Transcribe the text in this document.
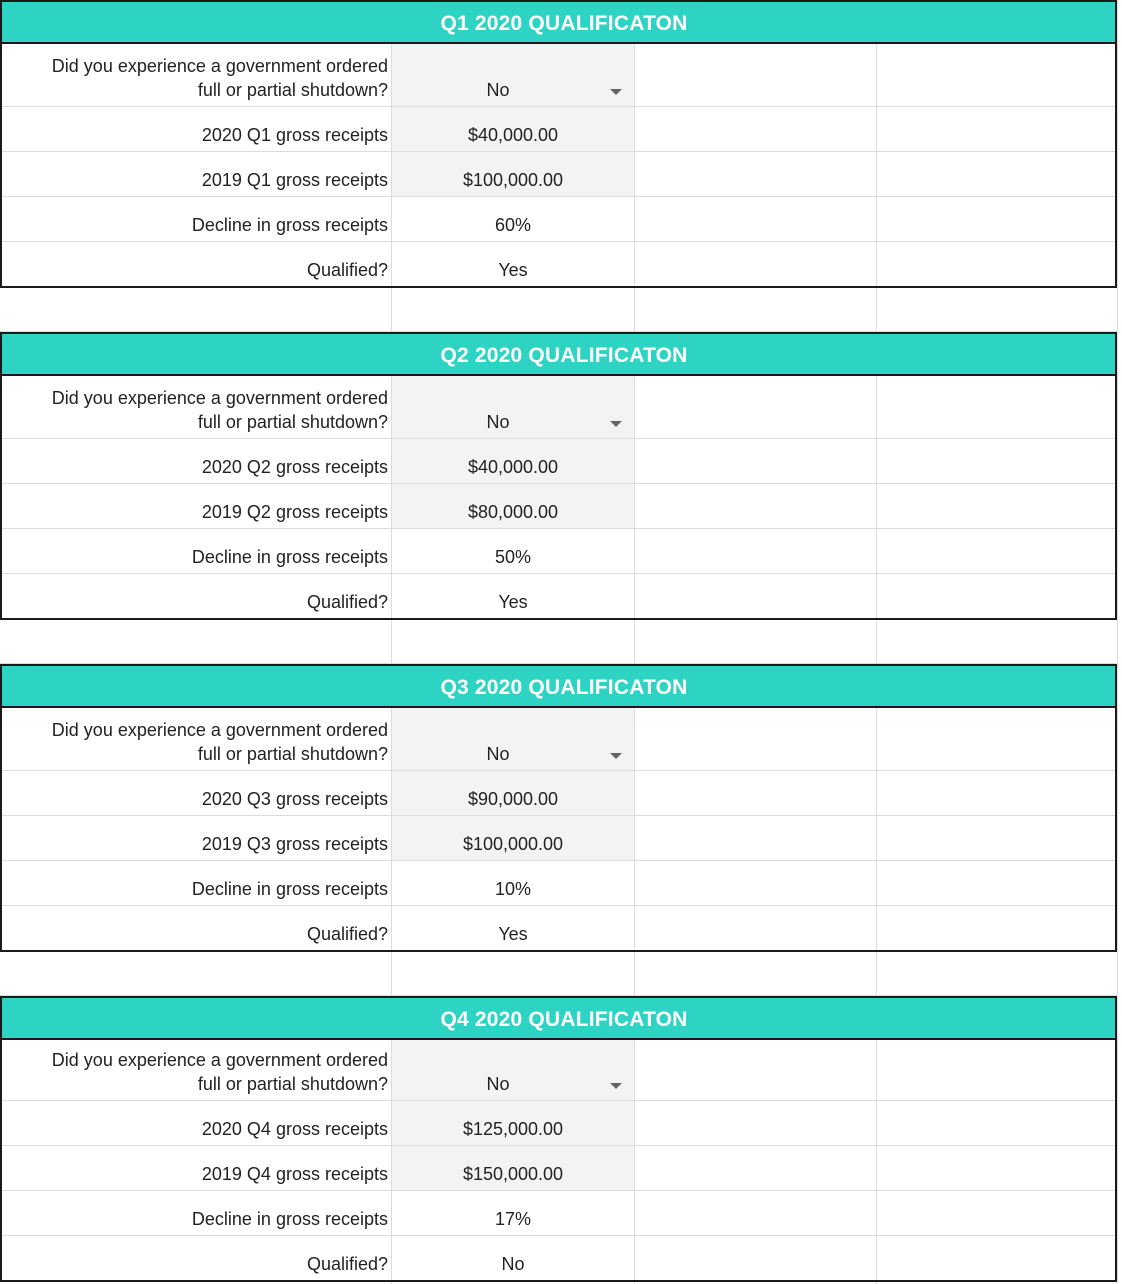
Q1 2020 QUALIFICATON
Did you experience a government ordered
full or partial shutdown?	No
2020 Q1 gross receipts	$40,000.00
2019 Q1 gross receipts	$100,000.00
Decline in gross receipts	60%
Qualified?	Yes
Q2 2020 QUALIFICATON
Did you experience a government ordered
full or partial shutdown?	No
2020 Q2 gross receipts	$40,000.00
2019 Q2 gross receipts	$80,000.00
Decline in gross receipts	50%
Qualified?	Yes
Q3 2020 QUALIFICATON
Did you experience a government ordered
full or partial shutdown?	No
2020 Q3 gross receipts	$90,000.00
2019 Q3 gross receipts	$100,000.00
Decline in gross receipts	10%
Qualified?	Yes
Q4 2020 QUALIFICATON
Did you experience a government ordered
full or partial shutdown?	No
2020 Q4 gross receipts	$125,000.00
2019 Q4 gross receipts	$150,000.00
Decline in gross receipts	17%
Qualified?	No
